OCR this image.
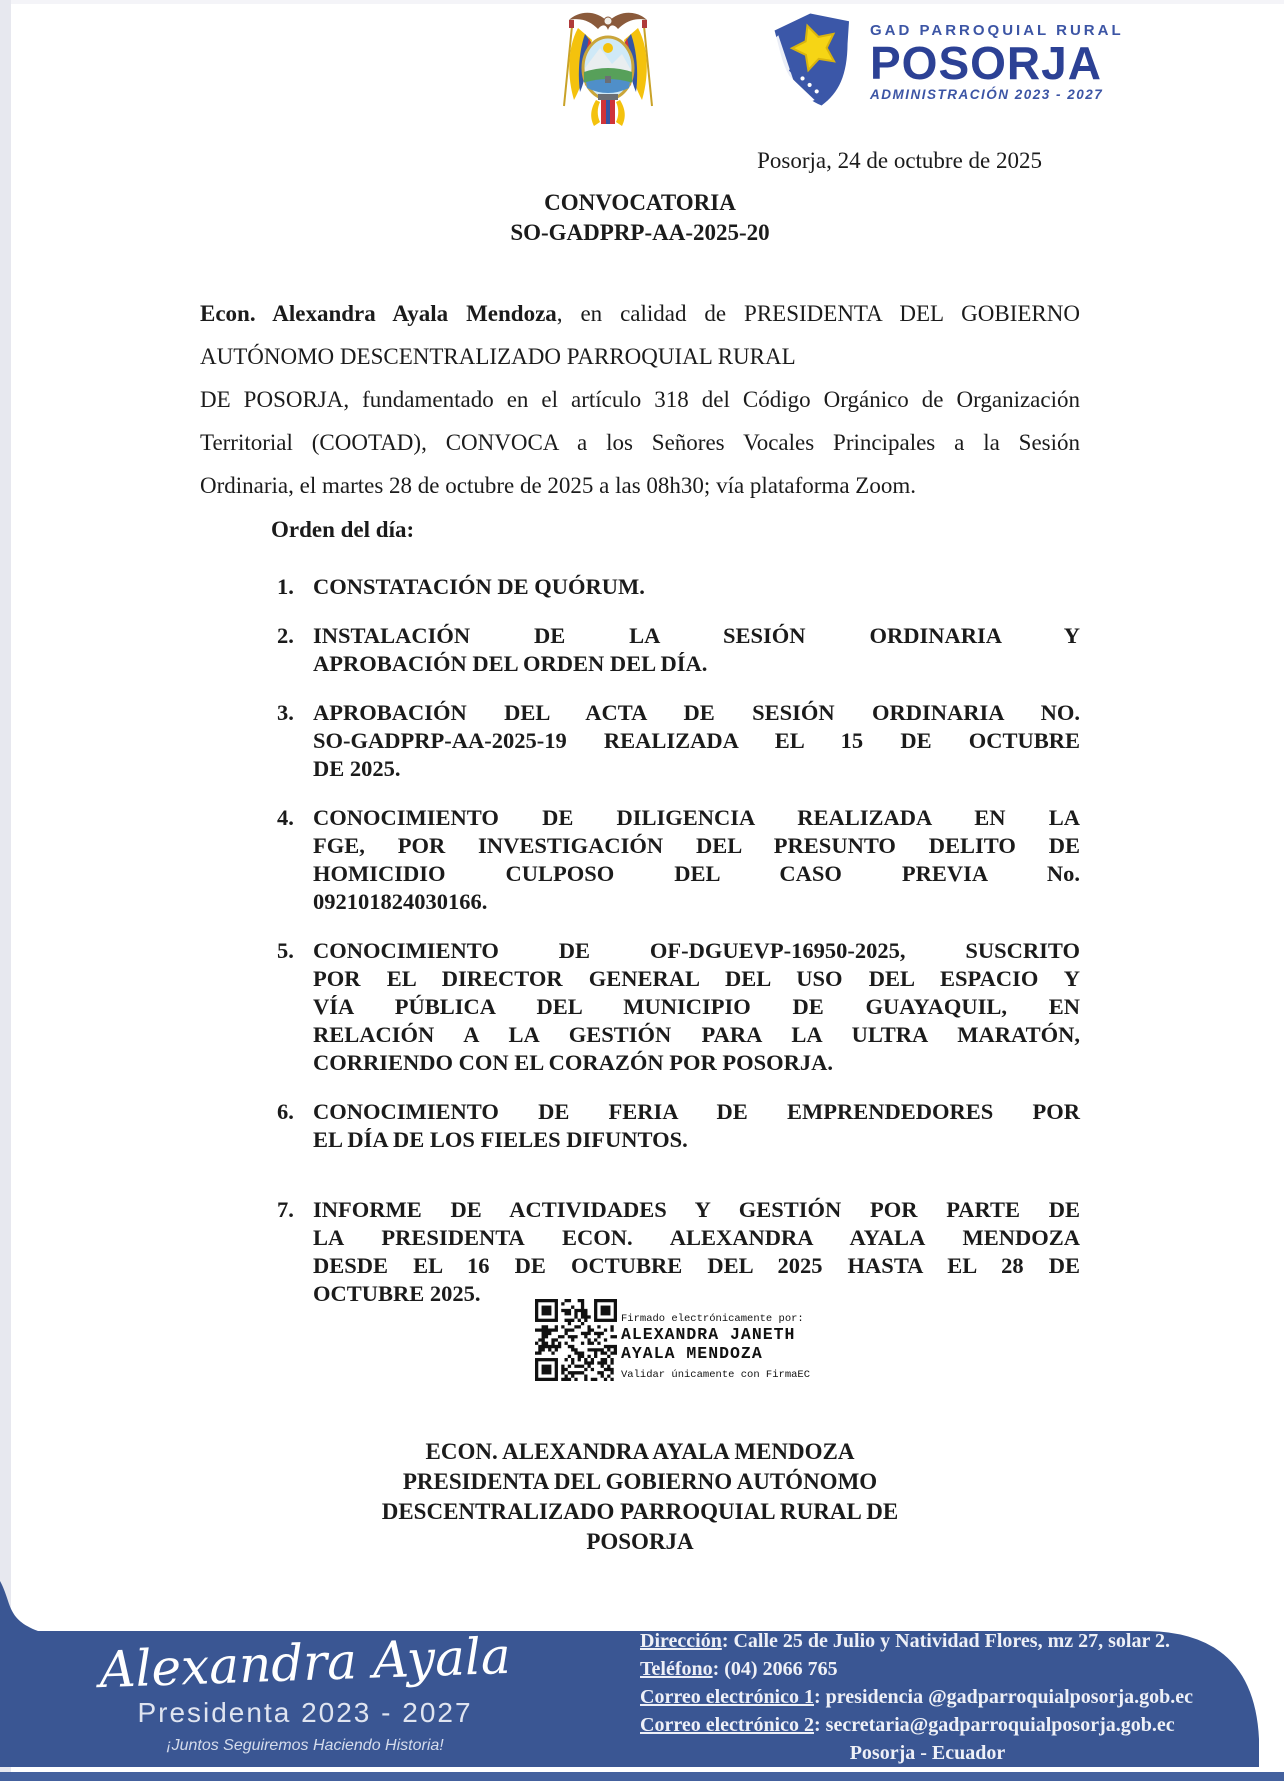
GAD PARROQUIAL RURAL
POSORJA
ADMINISTRACIÓN 2023 - 2027
Posorja, 24 de octubre de 2025
CONVOCATORIA
SO-GADPRP-AA-2025-20
Econ. Alexandra Ayala Mendoza, en calidad de PRESIDENTA DEL GOBIERNO
AUTÓNOMO DESCENTRALIZADO PARROQUIAL RURAL
DE POSORJA, fundamentado en el artículo 318 del Código Orgánico de Organización
Territorial (COOTAD), CONVOCA a los Señores Vocales Principales a la Sesión
Ordinaria, el martes 28 de octubre de 2025 a las 08h30; vía plataforma Zoom.
Orden del día:
1. CONSTATACIÓN DE QUÓRUM.
2. INSTALACIÓN DE LA SESIÓN ORDINARIA Y
APROBACIÓN DEL ORDEN DEL DÍA.
3. APROBACIÓN DEL ACTA DE SESIÓN ORDINARIA NO.
SO-GADPRP-AA-2025-19 REALIZADA EL 15 DE OCTUBRE
DE 2025.
4. CONOCIMIENTO DE DILIGENCIA REALIZADA EN LA
FGE, POR INVESTIGACIÓN DEL PRESUNTO DELITO DE
HOMICIDIO CULPOSO DEL CASO PREVIA No.
092101824030166.
5. CONOCIMIENTO DE OF-DGUEVP-16950-2025, SUSCRITO
POR EL DIRECTOR GENERAL DEL USO DEL ESPACIO Y
VÍA PÚBLICA DEL MUNICIPIO DE GUAYAQUIL, EN
RELACIÓN A LA GESTIÓN PARA LA ULTRA MARATÓN,
CORRIENDO CON EL CORAZÓN POR POSORJA.
6. CONOCIMIENTO DE FERIA DE EMPRENDEDORES POR
EL DÍA DE LOS FIELES DIFUNTOS.
7. INFORME DE ACTIVIDADES Y GESTIÓN POR PARTE DE
LA PRESIDENTA ECON. ALEXANDRA AYALA MENDOZA
DESDE EL 16 DE OCTUBRE DEL 2025 HASTA EL 28 DE
OCTUBRE 2025.
Firmado electrónicamente por:
ALEXANDRA JANETH
AYALA MENDOZA
Validar únicamente con FirmaEC
ECON. ALEXANDRA AYALA MENDOZA
PRESIDENTA DEL GOBIERNO AUTÓNOMO
DESCENTRALIZADO PARROQUIAL RURAL DE
POSORJA
Alexandra Ayala
Presidenta 2023 - 2027
¡Juntos Seguiremos Haciendo Historia!
Dirección: Calle 25 de Julio y Natividad Flores, mz 27, solar 2.
Teléfono: (04) 2066 765
Correo electrónico 1: presidencia @gadparroquialposorja.gob.ec
Correo electrónico 2: secretaria@gadparroquialposorja.gob.ec
Posorja - Ecuador
